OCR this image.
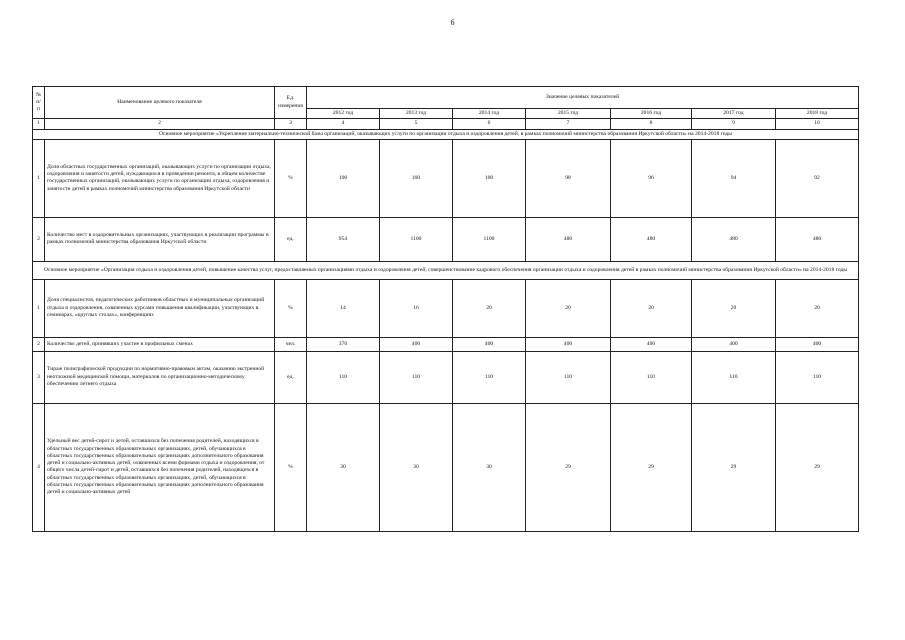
6
№ п/п	Наименование целевого показателя	Ед. измерения	Значение целевых показателей						
			2012 год	2013 год	2014 год	2015 год	2016 год	2017 год	2018 год
1	2	3	4	5	6	7	8	9	10
Основное мероприятие «Укрепление материально-технической базы организаций, оказывающих услуги по организации отдыха и оздоровления детей, в рамках полномочий министерства образования Иркутской области» на 2014-2018 годы									
1	Доля областных государственных организаций, оказывающих услуги по организации отдыха, оздоровления и занятости детей, нуждающихся в проведении ремонта, в общем количестве государственных организаций, оказывающих услуги по организации отдыха, оздоровления и занятости детей в рамках полномочий министерства образования Иркутской области	%	100	100	100	98	96	94	92
2	Количество мест в оздоровительных организациях, участвующих в реализации программы в рамках полномочий министерства образования Иркутской области	ед.	954	1100	1100	480	480	480	480
Основное мероприятие «Организация отдыха и оздоровления детей, повышение качества услуг, предоставляемых организациями отдыха и оздоровления детей, совершенствование кадрового обеспечения организации отдыха и оздоровления детей в рамках полномочий министерства образования Иркутской области» на 2014-2018 годы									
1	Доля специалистов, педагогических работников областных и муниципальных организаций отдыха и оздоровления, охваченных курсами повышения квалификации, участвующих в семинарах, «круглых столах», конференциях	%	14	16	20	20	20	20	20
2	Количество детей, принявших участие в профильных сменах	чел.	370	400	400	400	400	400	400
3	Тираж полиграфической продукции по нормативно-правовым актам, оказанию экстренной неотложной медицинской помощи, материалов по организационно-методическому обеспечению летнего отдыха	ед.	110	110	110	110	110	110	110
4	Удельный вес детей-сирот и детей, оставшихся без попечения родителей, находящихся в областных государственных образовательных организациях, детей, обучающихся в областных государственных образовательных организациях дополнительного образования детей и социально-активных детей, охваченных всеми формами отдыха и оздоровления, от общего числа детей-сирот и детей, оставшихся без попечения родителей, находящихся в областных государственных образовательных организациях, детей, обучающихся в областных государственных образовательных организациях дополнительного образования детей и социально-активных детей	%	30	30	30	29	29	29	29
